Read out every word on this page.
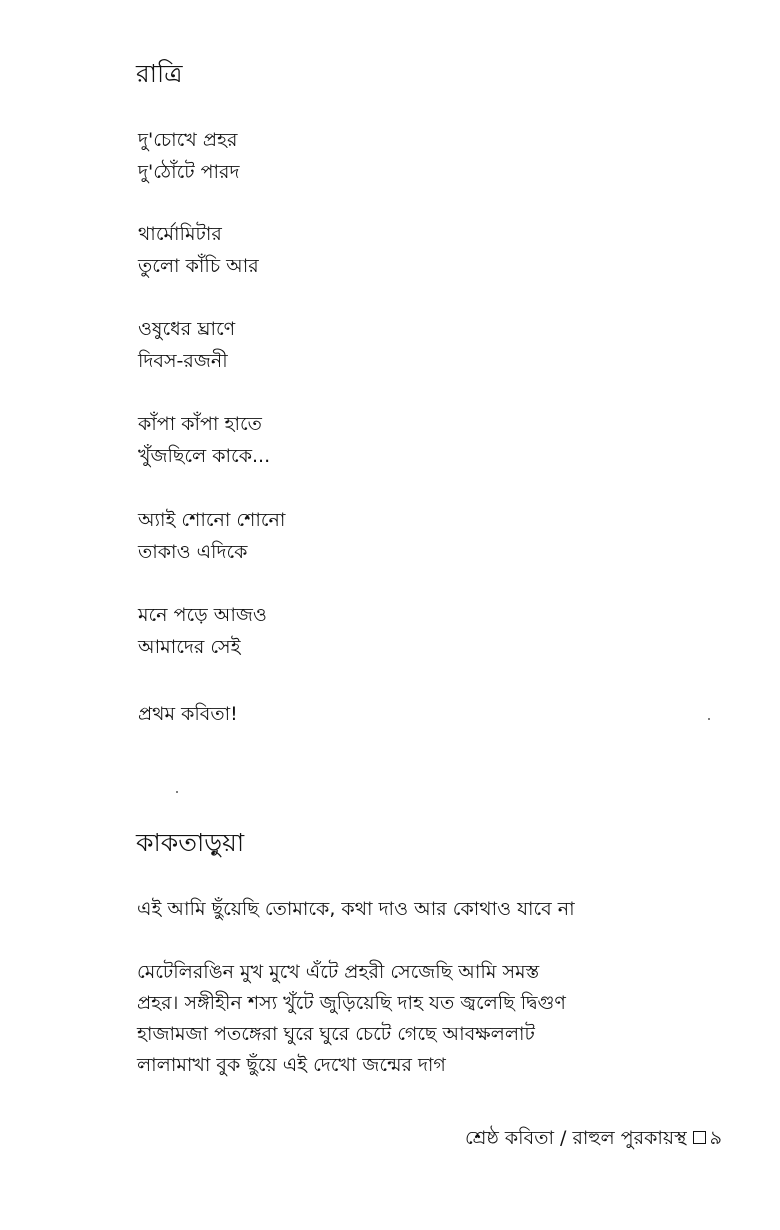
রাত্রি
দু'চোখে প্রহর
দু'ঠোঁটে পারদ
থার্মোমিটার
তুলো কাঁচি আর
ওষুধের ঘ্রাণে
দিবস-রজনী
কাঁপা কাঁপা হাতে
খুঁজছিলে কাকে...
অ্যাই শোনো শোনো
তাকাও এদিকে
মনে পড়ে আজও
আমাদের সেই
প্রথম কবিতা!
কাকতাড়ুয়া
এই আমি ছুঁয়েছি তোমাকে, কথা দাও আর কোথাও যাবে না
মেটেলিরঙিন মুখ মুখে এঁটে প্রহরী সেজেছি আমি সমস্ত
প্রহর। সঙ্গীহীন শস্য খুঁটে জুড়িয়েছি দাহ যত জ্বলেছি দ্বিগুণ
হাজামজা পতঙ্গেরা ঘুরে ঘুরে চেটে গেছে আবক্ষললাট
লালামাখা বুক ছুঁয়ে এই দেখো জন্মের দাগ
শ্রেষ্ঠ কবিতা / রাহুল পুরকায়স্থ ৯
